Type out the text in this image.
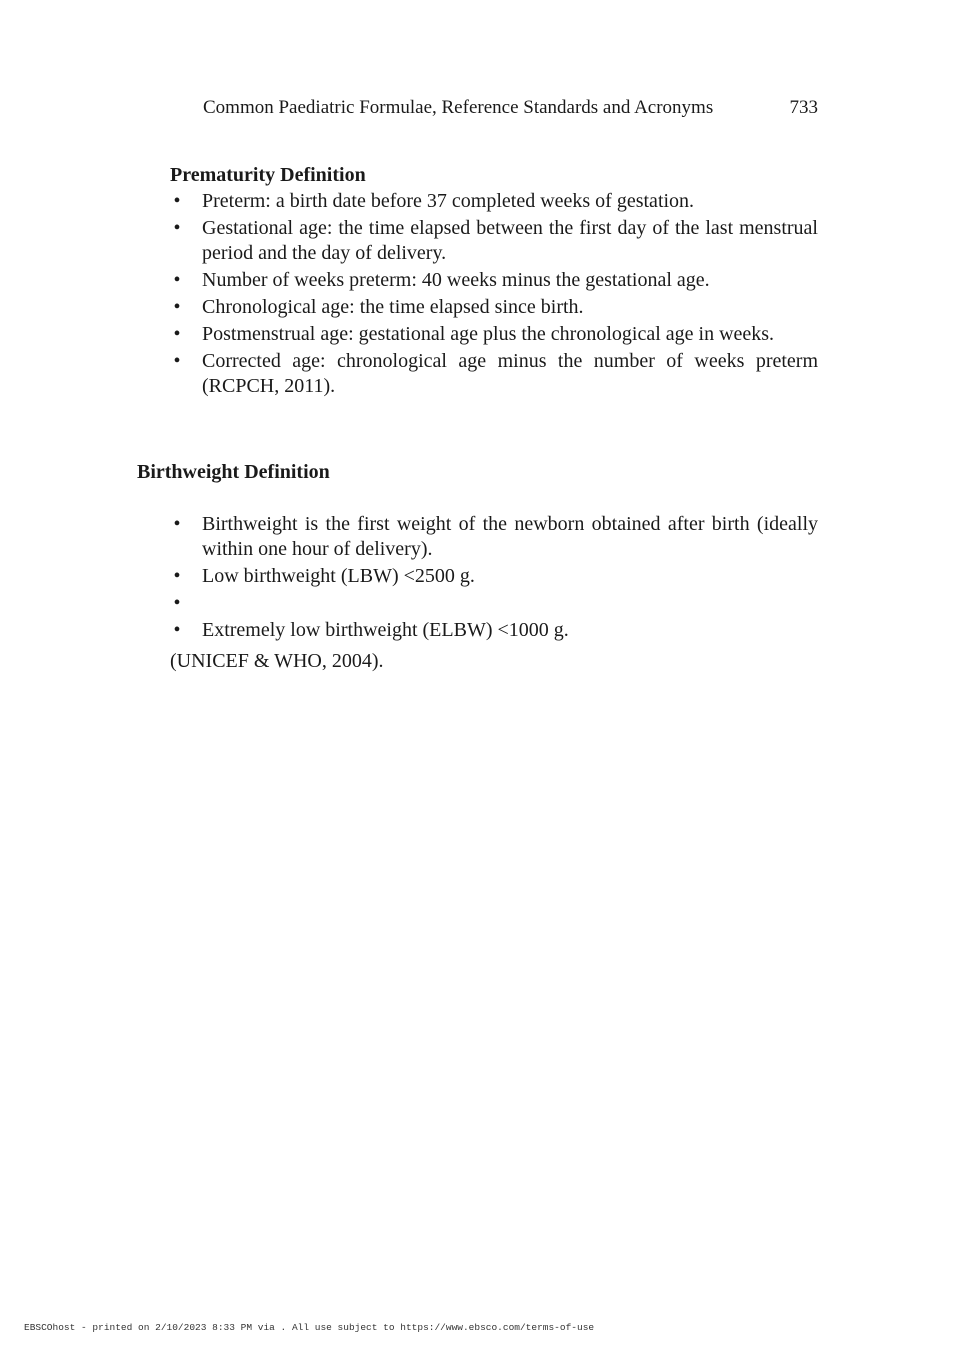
Common Paediatric Formulae, Reference Standards and Acronyms	733
Prematurity Definition
• Preterm: a birth date before 37 completed weeks of gestation.
• Gestational age: the time elapsed between the first day of the last menstrual period and the day of delivery.
• Number of weeks preterm: 40 weeks minus the gestational age.
• Chronological age: the time elapsed since birth.
• Postmenstrual age: gestational age plus the chronological age in weeks.
• Corrected age: chronological age minus the number of weeks preterm (RCPCH, 2011).
Birthweight Definition
• Birthweight is the first weight of the newborn obtained after birth (ideally within one hour of delivery).
• Low birthweight (LBW) <2500 g.
•
• Extremely low birthweight (ELBW) <1000 g.
(UNICEF & WHO, 2004).
EBSCOhost - printed on 2/10/2023 8:33 PM via . All use subject to https://www.ebsco.com/terms-of-use
